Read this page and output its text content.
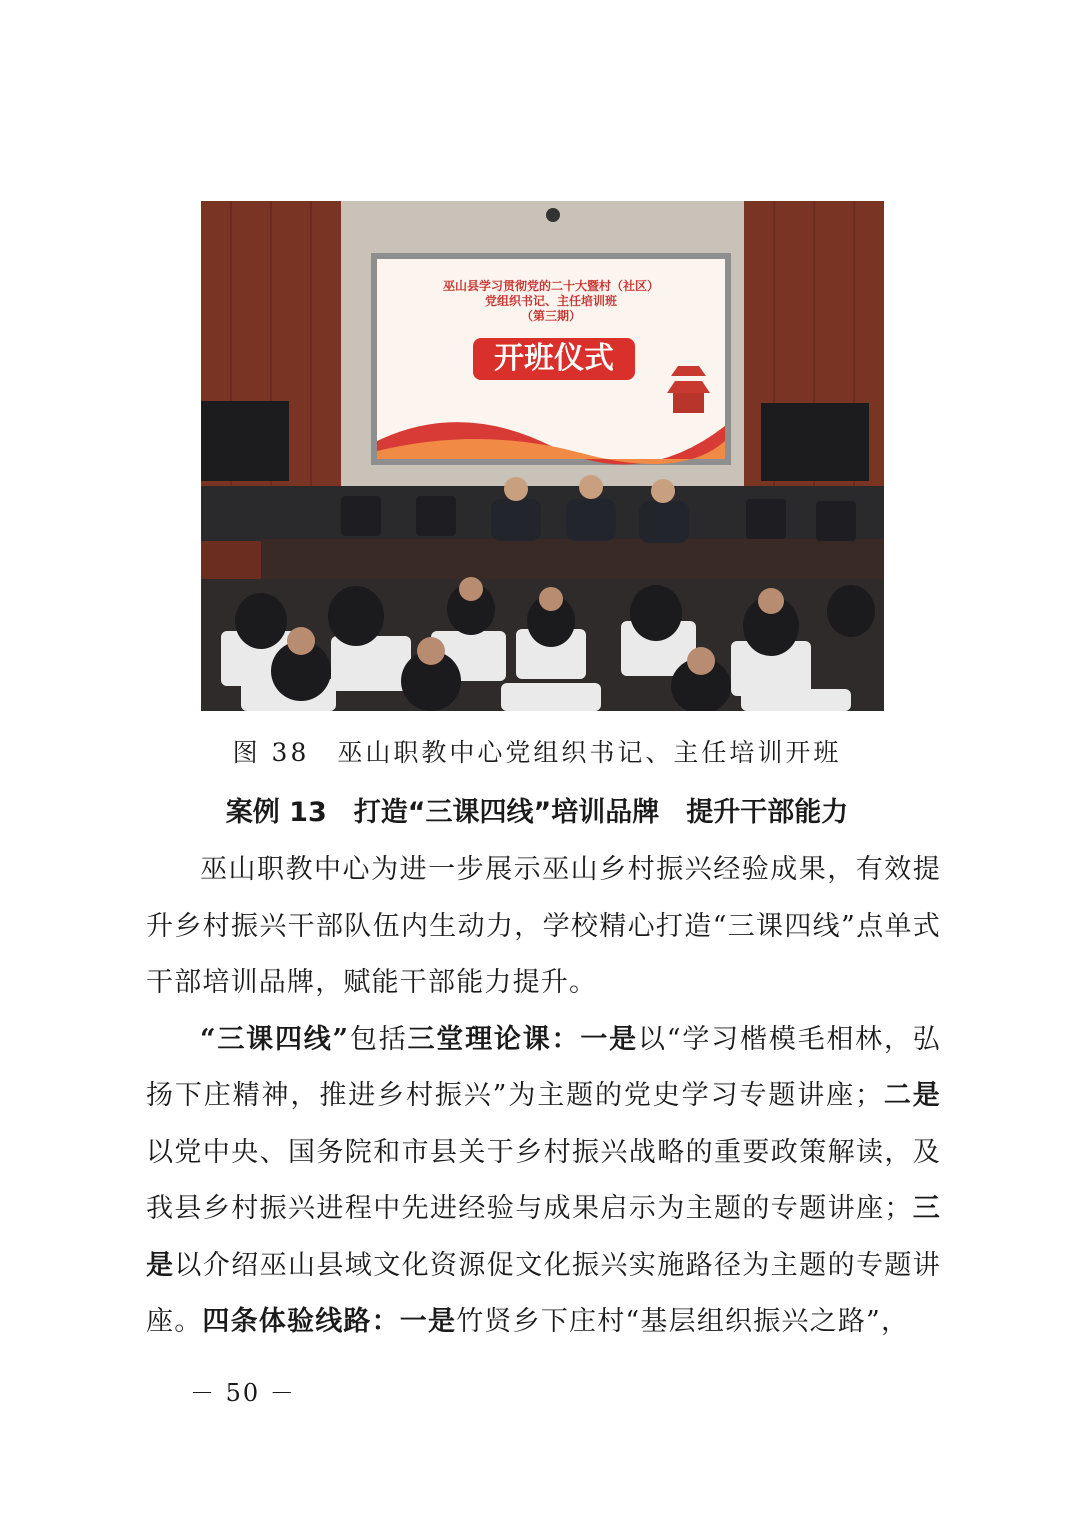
巫山县学习贯彻党的二十大暨村（社区）
党组织书记、主任培训班
（第三期）
开班仪式
图 38　巫山职教中心党组织书记、主任培训开班
案例 13　打造“三课四线”培训品牌　提升干部能力

巫山职教中心为进一步展示巫山乡村振兴经验成果，有效提升乡村振兴干部队伍内生动力，学校精心打造“三课四线”点单式干部培训品牌，赋能干部能力提升。

“三课四线”包括三堂理论课：一是以“学习楷模毛相林，弘扬下庄精神，推进乡村振兴”为主题的党史学习专题讲座；二是以党中央、国务院和市县关于乡村振兴战略的重要政策解读，及我县乡村振兴进程中先进经验与成果启示为主题的专题讲座；三是以介绍巫山县域文化资源促文化振兴实施路径为主题的专题讲座。四条体验线路：一是竹贤乡下庄村“基层组织振兴之路”，

－ 50 －
